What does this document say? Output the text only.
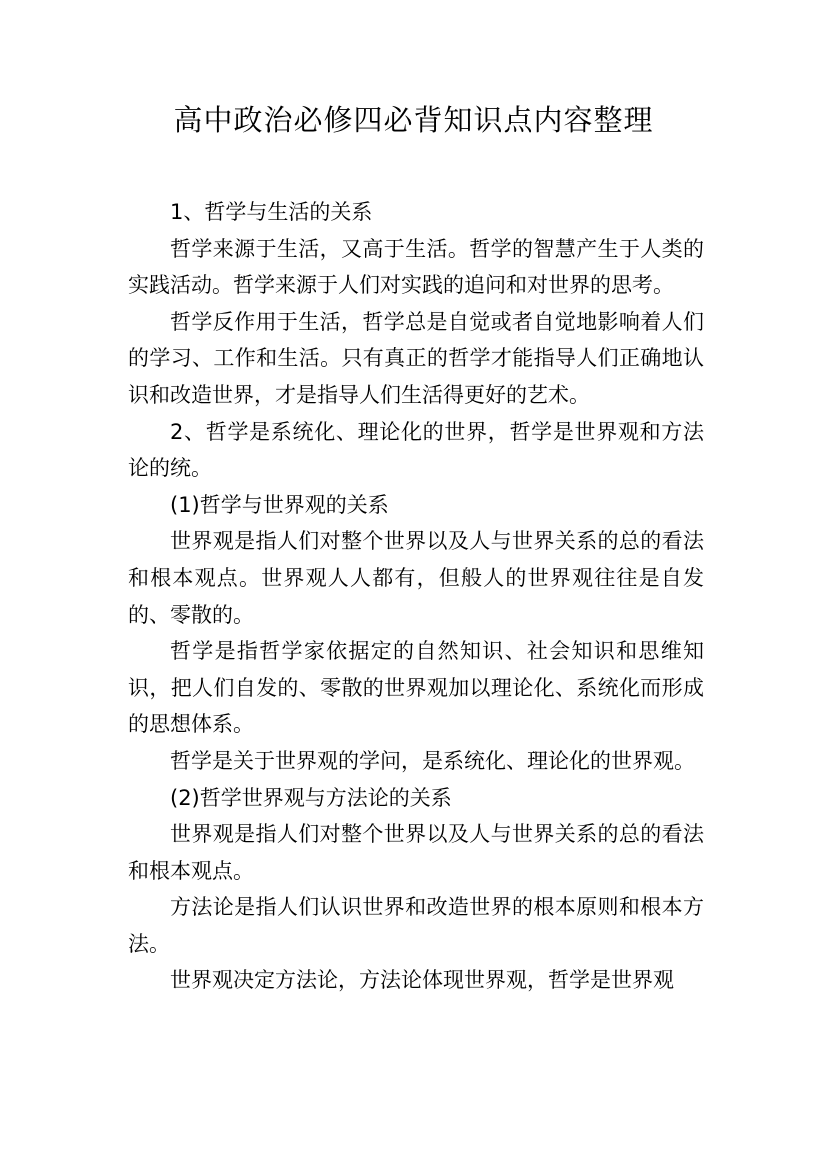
高中政治必修四必背知识点内容整理

1、哲学与生活的关系

哲学来源于生活，又高于生活。哲学的智慧产生于人类的实践活动。哲学来源于人们对实践的追问和对世界的思考。

哲学反作用于生活，哲学总是自觉或者自觉地影响着人们的学习、工作和生活。只有真正的哲学才能指导人们正确地认识和改造世界，才是指导人们生活得更好的艺术。

2、哲学是系统化、理论化的世界，哲学是世界观和方法论的统。

(1)哲学与世界观的关系

世界观是指人们对整个世界以及人与世界关系的总的看法和根本观点。世界观人人都有，但般人的世界观往往是自发的、零散的。

哲学是指哲学家依据定的自然知识、社会知识和思维知识，把人们自发的、零散的世界观加以理论化、系统化而形成的思想体系。

哲学是关于世界观的学问，是系统化、理论化的世界观。

(2)哲学世界观与方法论的关系

世界观是指人们对整个世界以及人与世界关系的总的看法和根本观点。

方法论是指人们认识世界和改造世界的根本原则和根本方法。

世界观决定方法论，方法论体现世界观，哲学是世界观
